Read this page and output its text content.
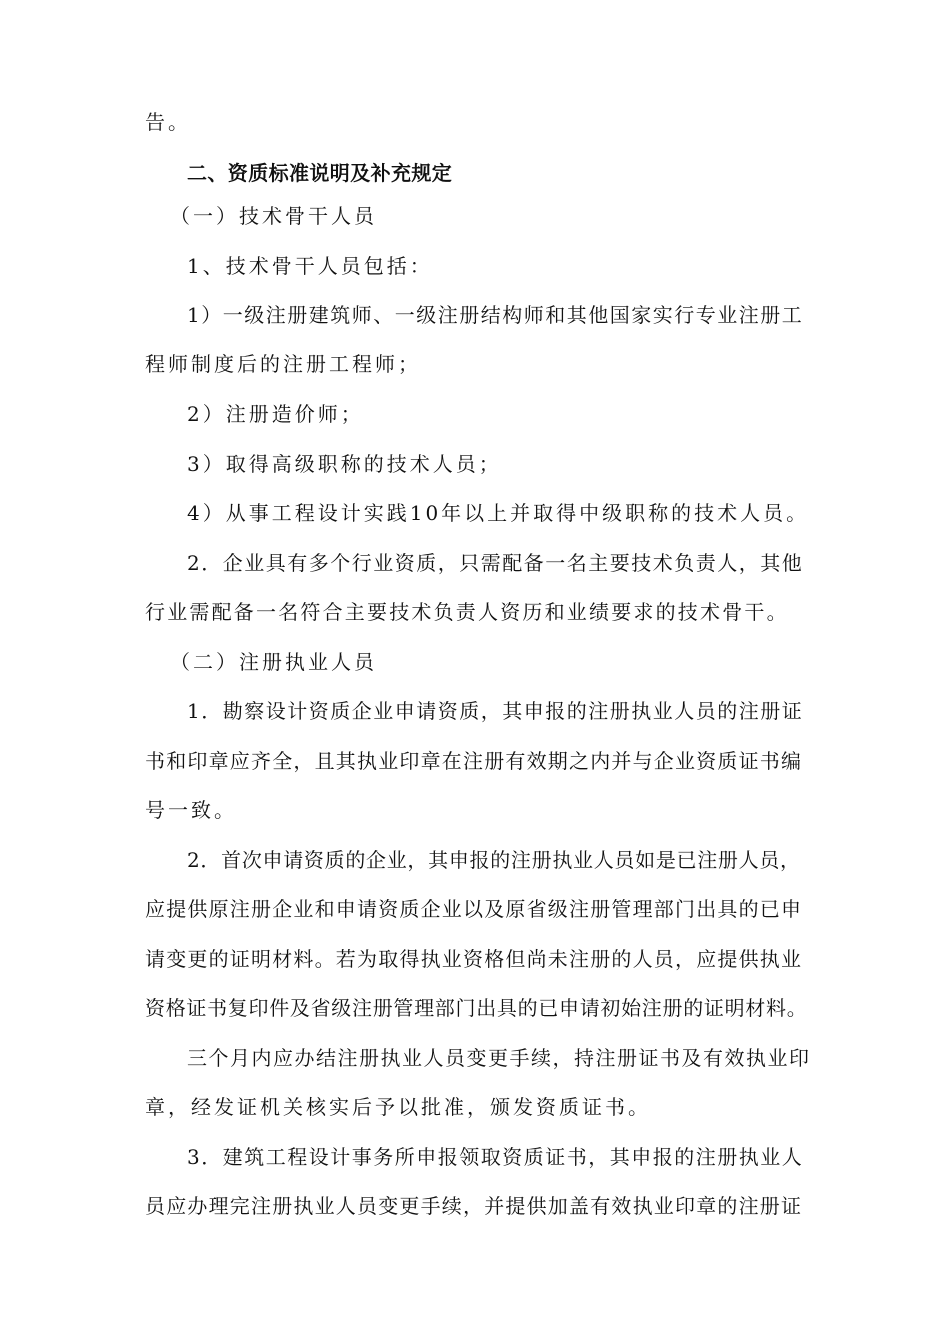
告。
二、资质标准说明及补充规定
（一）技术骨干人员
1、技术骨干人员包括：
1）一级注册建筑师、一级注册结构师和其他国家实行专业注册工
程师制度后的注册工程师；
2）注册造价师；
3）取得高级职称的技术人员；
4）从事工程设计实践10年以上并取得中级职称的技术人员。
2．企业具有多个行业资质，只需配备一名主要技术负责人，其他
行业需配备一名符合主要技术负责人资历和业绩要求的技术骨干。
（二）注册执业人员
1．勘察设计资质企业申请资质，其申报的注册执业人员的注册证
书和印章应齐全，且其执业印章在注册有效期之内并与企业资质证书编
号一致。
2．首次申请资质的企业，其申报的注册执业人员如是已注册人员，
应提供原注册企业和申请资质企业以及原省级注册管理部门出具的已申
请变更的证明材料。若为取得执业资格但尚未注册的人员，应提供执业
资格证书复印件及省级注册管理部门出具的已申请初始注册的证明材料。
三个月内应办结注册执业人员变更手续，持注册证书及有效执业印
章，经发证机关核实后予以批准，颁发资质证书。
3．建筑工程设计事务所申报领取资质证书，其申报的注册执业人
员应办理完注册执业人员变更手续，并提供加盖有效执业印章的注册证
